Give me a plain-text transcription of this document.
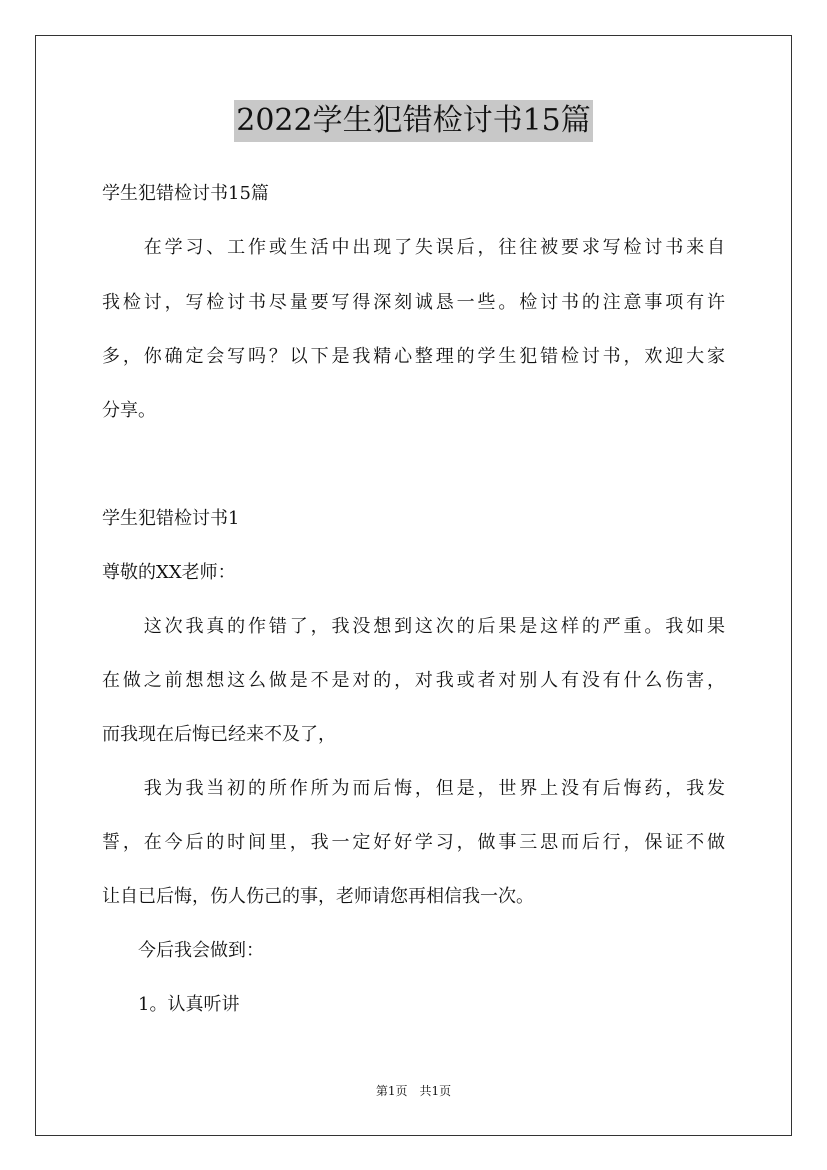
2022学生犯错检讨书15篇
学生犯错检讨书15篇
　　在学习、工作或生活中出现了失误后，往往被要求写检讨书来自
我检讨，写检讨书尽量要写得深刻诚恳一些。检讨书的注意事项有许
多，你确定会写吗？以下是我精心整理的学生犯错检讨书，欢迎大家
分享。
学生犯错检讨书1
尊敬的XX老师：
　　这次我真的作错了，我没想到这次的后果是这样的严重。我如果
在做之前想想这么做是不是对的，对我或者对别人有没有什么伤害，
而我现在后悔已经来不及了，
　　我为我当初的所作所为而后悔，但是，世界上没有后悔药，我发
誓，在今后的时间里，我一定好好学习，做事三思而后行，保证不做
让自已后悔，伤人伤己的事，老师请您再相信我一次。
　　今后我会做到：
　　1。认真听讲
第1页　共1页
